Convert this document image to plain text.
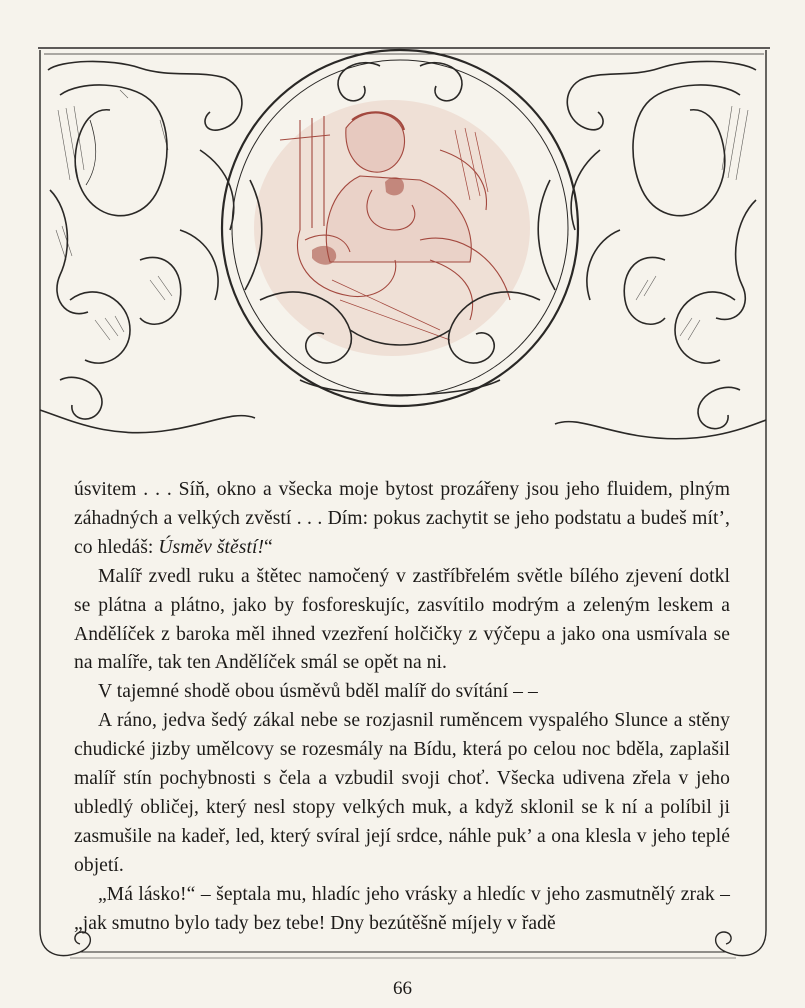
úsvitem . . . Síň, okno a všecka moje bytost prozářeny jsou jeho fluidem, plným záhadných a velkých zvěstí . . . Dím: pokus zachytit se jeho podstatu a budeš mít’, co hledáš: Úsměv štěstí!“

Malíř zvedl ruku a štětec namočený v zastříbřelém světle bílého zjevení dotkl se plátna a plátno, jako by fosforeskujíc, zasvítilo modrým a zeleným leskem a Andělíček z baroka měl ihned vzezření holčičky z výčepu a jako ona usmívala se na malíře, tak ten Andělíček smál se opět na ni.

V tajemné shodě obou úsměvů bděl malíř do svítání – –

A ráno, jedva šedý zákal nebe se rozjasnil ruměncem vyspalého Slunce a stěny chudické jizby umělcovy se rozesmály na Bídu, která po celou noc bděla, zaplašil malíř stín pochybnosti s čela a vzbudil svoji choť. Všecka udivena zřela v jeho ubledlý obličej, který nesl stopy velkých muk, a když sklonil se k ní a políbil ji zasmušile na kadeř, led, který svíral její srdce, náhle puk’ a ona klesla v jeho teplé objetí.

„Má lásko!“ – šeptala mu, hladíc jeho vrásky a hledíc v jeho zasmutnělý zrak – „jak smutno bylo tady bez tebe! Dny bezútěšně míjely v řadě

66
